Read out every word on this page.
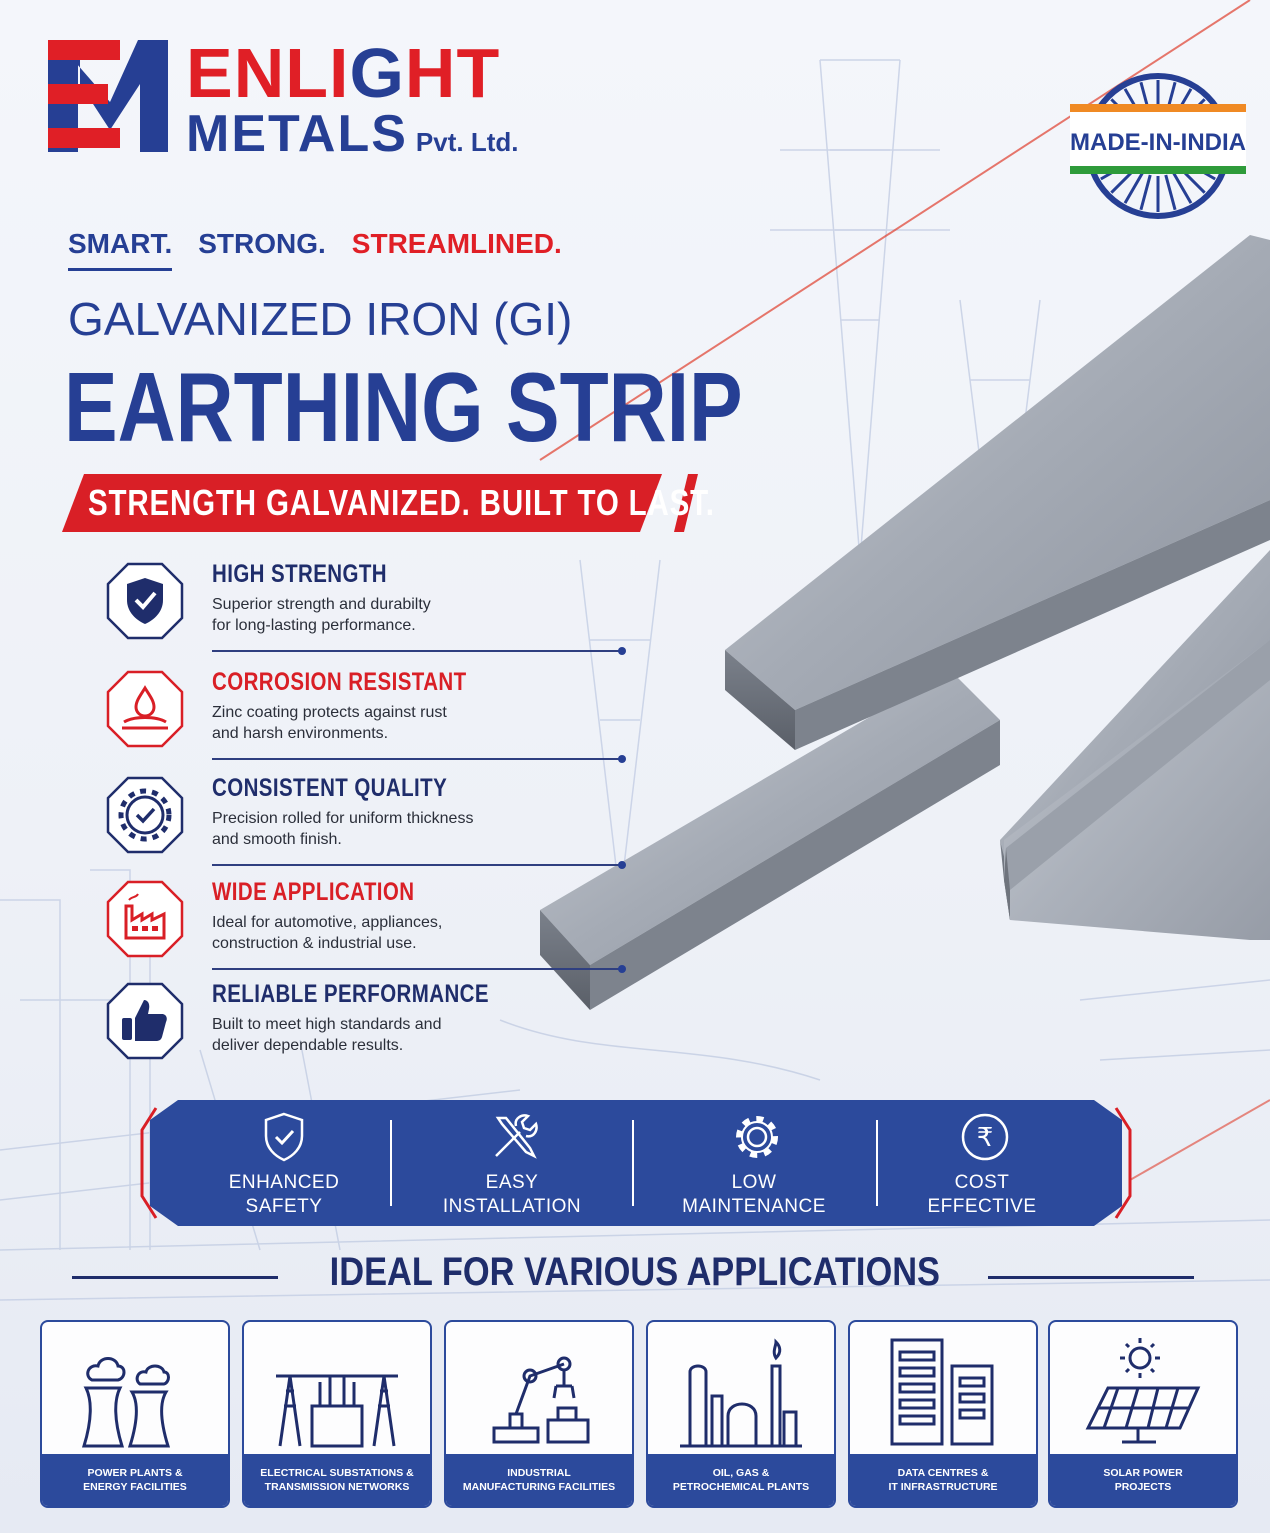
ENLIGHT
METALS Pvt. Ltd.	MADE-IN-INDIA
SMART. STRONG. STREAMLINED.
GALVANIZED IRON (GI)
EARTHING STRIP
STRENGTH GALVANIZED. BUILT TO LAST.
HIGH STRENGTH
Superior strength and durabilty
for long-lasting performance.
CORROSION RESISTANT
Zinc coating protects against rust
and harsh environments.
CONSISTENT QUALITY
Precision rolled for uniform thickness
and smooth finish.
WIDE APPLICATION
Ideal for automotive, appliances,
construction & industrial use.
RELIABLE PERFORMANCE
Built to meet high standards and
deliver dependable results.
ENHANCED
SAFETY
EASY
INSTALLATION
LOW
MAINTENANCE
₹
COST
EFFECTIVE
IDEAL FOR VARIOUS APPLICATIONS
POWER PLANTS &
ENERGY FACILITIES
ELECTRICAL SUBSTATIONS &
TRANSMISSION NETWORKS
INDUSTRIAL
MANUFACTURING FACILITIES
OIL, GAS &
PETROCHEMICAL PLANTS
DATA CENTRES &
IT INFRASTRUCTURE
SOLAR POWER
PROJECTS
